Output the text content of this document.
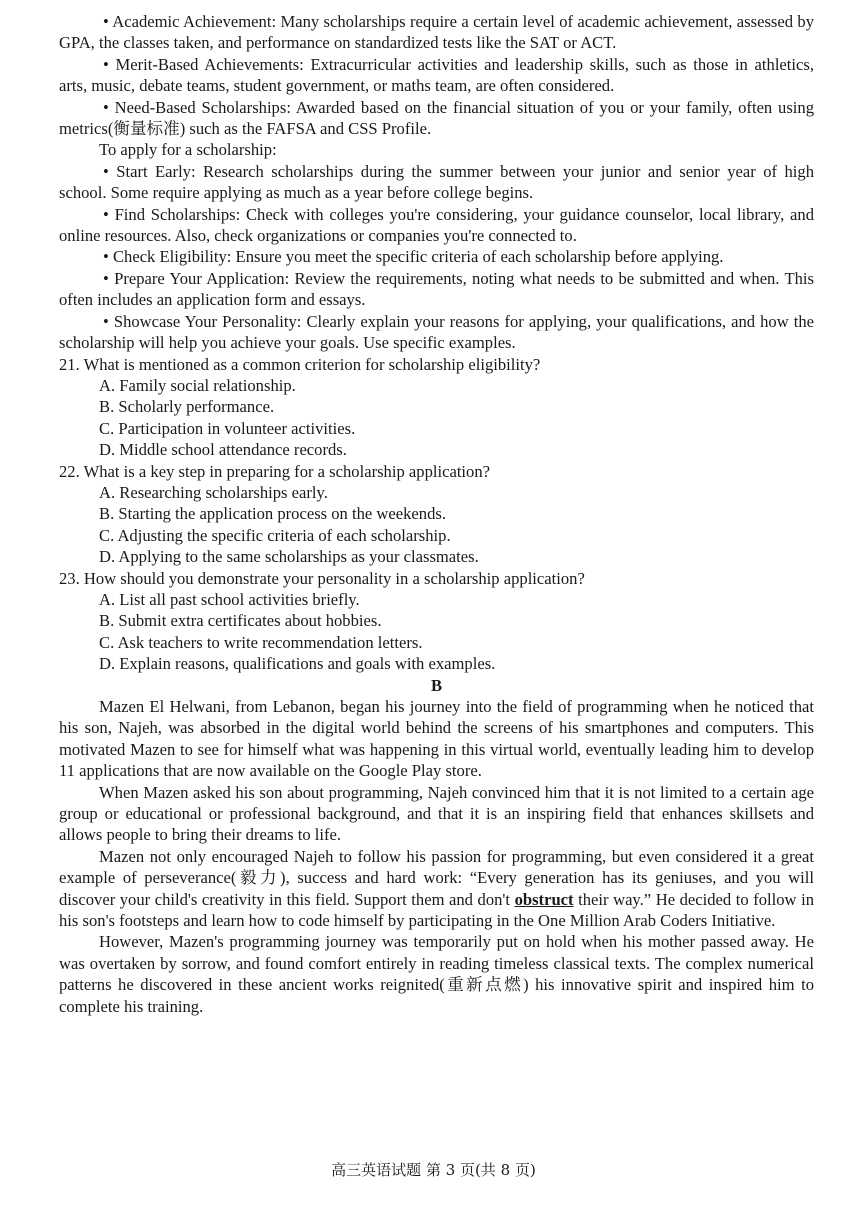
• Academic Achievement: Many scholarships require a certain level of academic achievement, assessed by GPA, the classes taken, and performance on standardized tests like the SAT or ACT.

• Merit-Based Achievements: Extracurricular activities and leadership skills, such as those in athletics, arts, music, debate teams, student government, or maths team, are often considered.

• Need-Based Scholarships: Awarded based on the financial situation of you or your family, often using metrics(衡量标准) such as the FAFSA and CSS Profile.

To apply for a scholarship:

• Start Early: Research scholarships during the summer between your junior and senior year of high school. Some require applying as much as a year before college begins.

• Find Scholarships: Check with colleges you're considering, your guidance counselor, local library, and online resources. Also, check organizations or companies you're connected to.

• Check Eligibility: Ensure you meet the specific criteria of each scholarship before applying.

• Prepare Your Application: Review the requirements, noting what needs to be submitted and when. This often includes an application form and essays.

• Showcase Your Personality: Clearly explain your reasons for applying, your qualifications, and how the scholarship will help you achieve your goals. Use specific examples.

21. What is mentioned as a common criterion for scholarship eligibility?

A. Family social relationship.

B. Scholarly performance.

C. Participation in volunteer activities.

D. Middle school attendance records.

22. What is a key step in preparing for a scholarship application?

A. Researching scholarships early.

B. Starting the application process on the weekends.

C. Adjusting the specific criteria of each scholarship.

D. Applying to the same scholarships as your classmates.

23. How should you demonstrate your personality in a scholarship application?

A. List all past school activities briefly.

B. Submit extra certificates about hobbies.

C. Ask teachers to write recommendation letters.

D. Explain reasons, qualifications and goals with examples.

B

Mazen El Helwani, from Lebanon, began his journey into the field of programming when he noticed that his son, Najeh, was absorbed in the digital world behind the screens of his smartphones and computers. This motivated Mazen to see for himself what was happening in this virtual world, eventually leading him to develop 11 applications that are now available on the Google Play store.

When Mazen asked his son about programming, Najeh convinced him that it is not limited to a certain age group or educational or professional background, and that it is an inspiring field that enhances skillsets and allows people to bring their dreams to life.

Mazen not only encouraged Najeh to follow his passion for programming, but even considered it a great example of perseverance(毅力), success and hard work: “Every generation has its geniuses, and you will discover your child's creativity in this field. Support them and don't obstruct their way.” He decided to follow in his son's footsteps and learn how to code himself by participating in the One Million Arab Coders Initiative.

However, Mazen's programming journey was temporarily put on hold when his mother passed away. He was overtaken by sorrow, and found comfort entirely in reading timeless classical texts. The complex numerical patterns he discovered in these ancient works reignited(重新点燃) his innovative spirit and inspired him to complete his training.

高三英语试题 第 3 页(共 8 页)
